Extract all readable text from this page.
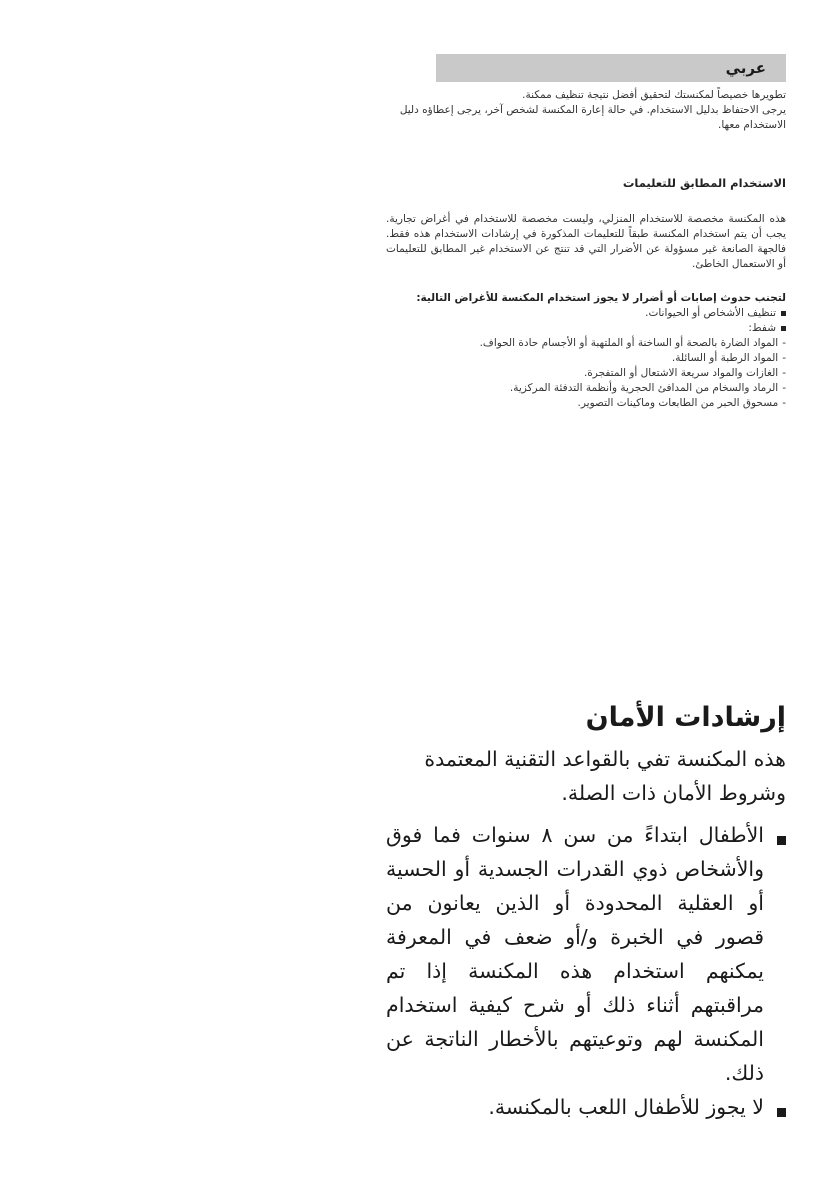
عربي
تطويرها خصيصاً لمكنستك لتحقيق أفضل نتيجة تنظيف ممكنة.
يرجى الاحتفاظ بدليل الاستخدام. في حالة إعارة المكنسة لشخص آخر، يرجى إعطاؤه دليل الاستخدام معها.
الاستخدام المطابق للتعليمات
هذه المكنسة مخصصة للاستخدام المنزلي، وليست مخصصة للاستخدام في أغراض تجارية. يجب أن يتم استخدام المكنسة طبقاً للتعليمات المذكورة في إرشادات الاستخدام هذه فقط. فالجهة الصانعة غير مسؤولة عن الأضرار التي قد تنتج عن الاستخدام غير المطابق للتعليمات أو الاستعمال الخاطئ.
لتجنب حدوث إصابات أو أضرار لا يجوز استخدام المكنسة للأغراض التالية:
تنظيف الأشخاص أو الحيوانات.
شفط:
-المواد الضارة بالصحة أو الساخنة أو الملتهبة أو الأجسام حادة الحواف.
-المواد الرطبة أو السائلة.
-الغازات والمواد سريعة الاشتعال أو المتفجرة.
-الرماد والسخام من المدافئ الحجرية وأنظمة التدفئة المركزية.
-مسحوق الحبر من الطابعات وماكينات التصوير.
إرشادات الأمان
هذه المكنسة تفي بالقواعد التقنية المعتمدة وشروط الأمان ذات الصلة.
الأطفال ابتداءً من سن ٨ سنوات فما فوق والأشخاص ذوي القدرات الجسدية أو الحسية أو العقلية المحدودة أو الذين يعانون من قصور في الخبرة و/أو ضعف في المعرفة يمكنهم استخدام هذه المكنسة إذا تم مراقبتهم أثناء ذلك أو شرح كيفية استخدام المكنسة لهم وتوعيتهم بالأخطار الناتجة عن ذلك.
لا يجوز للأطفال اللعب بالمكنسة.
